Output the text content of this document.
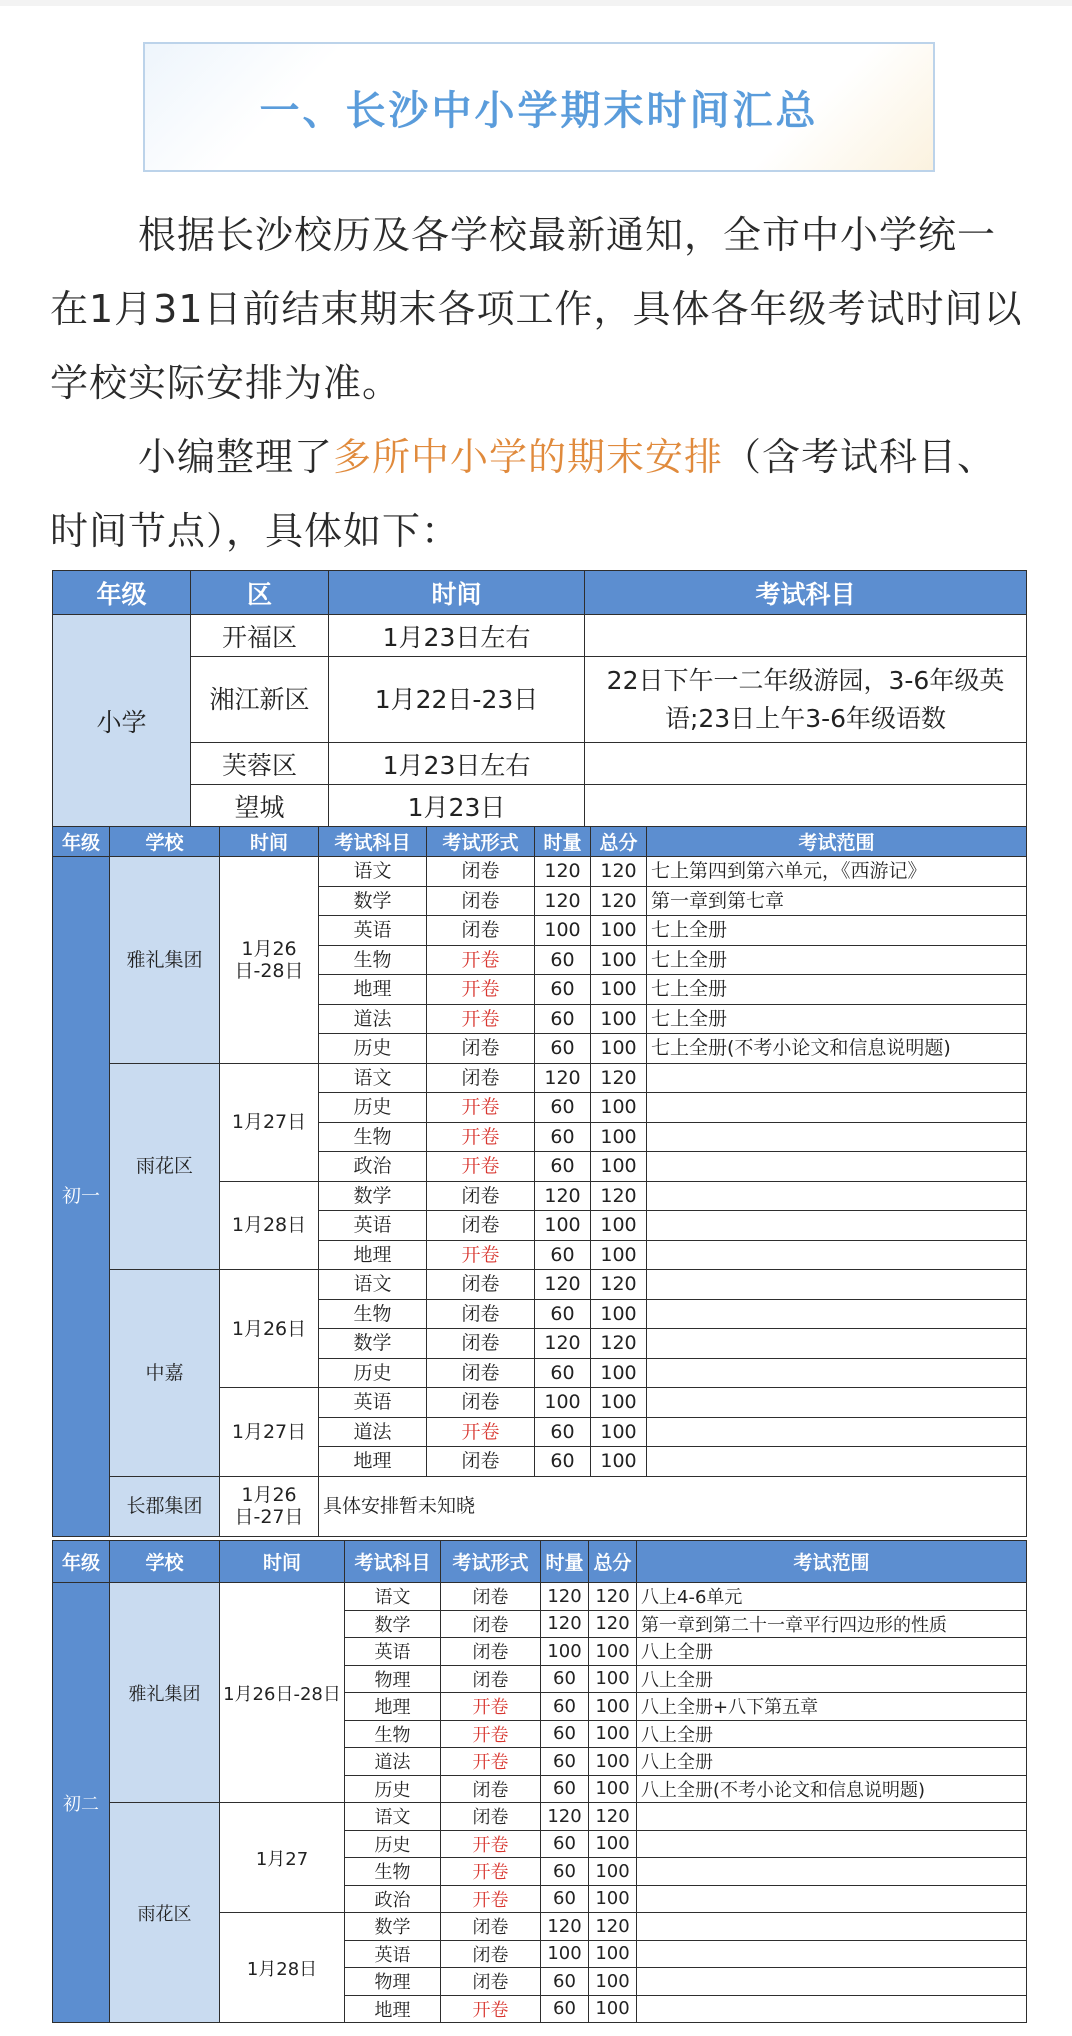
一、长沙中小学期末时间汇总

根据长沙校历及各学校最新通知，全市中小学统一在1月31日前结束期末各项工作，具体各年级考试时间以学校实际安排为准。

小编整理了多所中小学的期末安排（含考试科目、时间节点），具体如下：

年级	区	时间	考试科目
小学	开福区	1月23日左右	
	湘江新区	1月22日-23日	22日下午一二年级游园，3-6年级英语;23日上午3-6年级语数
	芙蓉区	1月23日左右	
	望城	1月23日	
年级	学校	时间	考试科目	考试形式	时量	总分	考试范围
初一	雅礼集团	1月26日-28日	语文	闭卷	120	120	七上第四到第六单元，《西游记》
			数学	闭卷	120	120	第一章到第七章
			英语	闭卷	100	100	七上全册
			生物	开卷	60	100	七上全册
			地理	开卷	60	100	七上全册
			道法	开卷	60	100	七上全册
			历史	闭卷	60	100	七上全册(不考小论文和信息说明题)
	雨花区	1月27日	语文	闭卷	120	120	
			历史	开卷	60	100	
			生物	开卷	60	100	
			政治	开卷	60	100	
		1月28日	数学	闭卷	120	120	
			英语	闭卷	100	100	
			地理	开卷	60	100	
	中嘉	1月26日	语文	闭卷	120	120	
			生物	闭卷	60	100	
			数学	闭卷	120	120	
			历史	闭卷	60	100	
		1月27日	英语	闭卷	100	100	
			道法	开卷	60	100	
			地理	闭卷	60	100	
	长郡集团	1月26日-27日	具体安排暂未知晓				
年级	学校	时间	考试科目	考试形式	时量	总分	考试范围
初二	雅礼集团	1月26日-28日	语文	闭卷	120	120	八上4-6单元
			数学	闭卷	120	120	第一章到第二十一章平行四边形的性质
			英语	闭卷	100	100	八上全册
			物理	闭卷	60	100	八上全册
			地理	开卷	60	100	八上全册+八下第五章
			生物	开卷	60	100	八上全册
			道法	开卷	60	100	八上全册
			历史	闭卷	60	100	八上全册(不考小论文和信息说明题)
	雨花区	1月27	语文	闭卷	120	120	
			历史	开卷	60	100	
			生物	开卷	60	100	
			政治	开卷	60	100	
		1月28日	数学	闭卷	120	120	
			英语	闭卷	100	100	
			物理	闭卷	60	100	
			地理	开卷	60	100	
